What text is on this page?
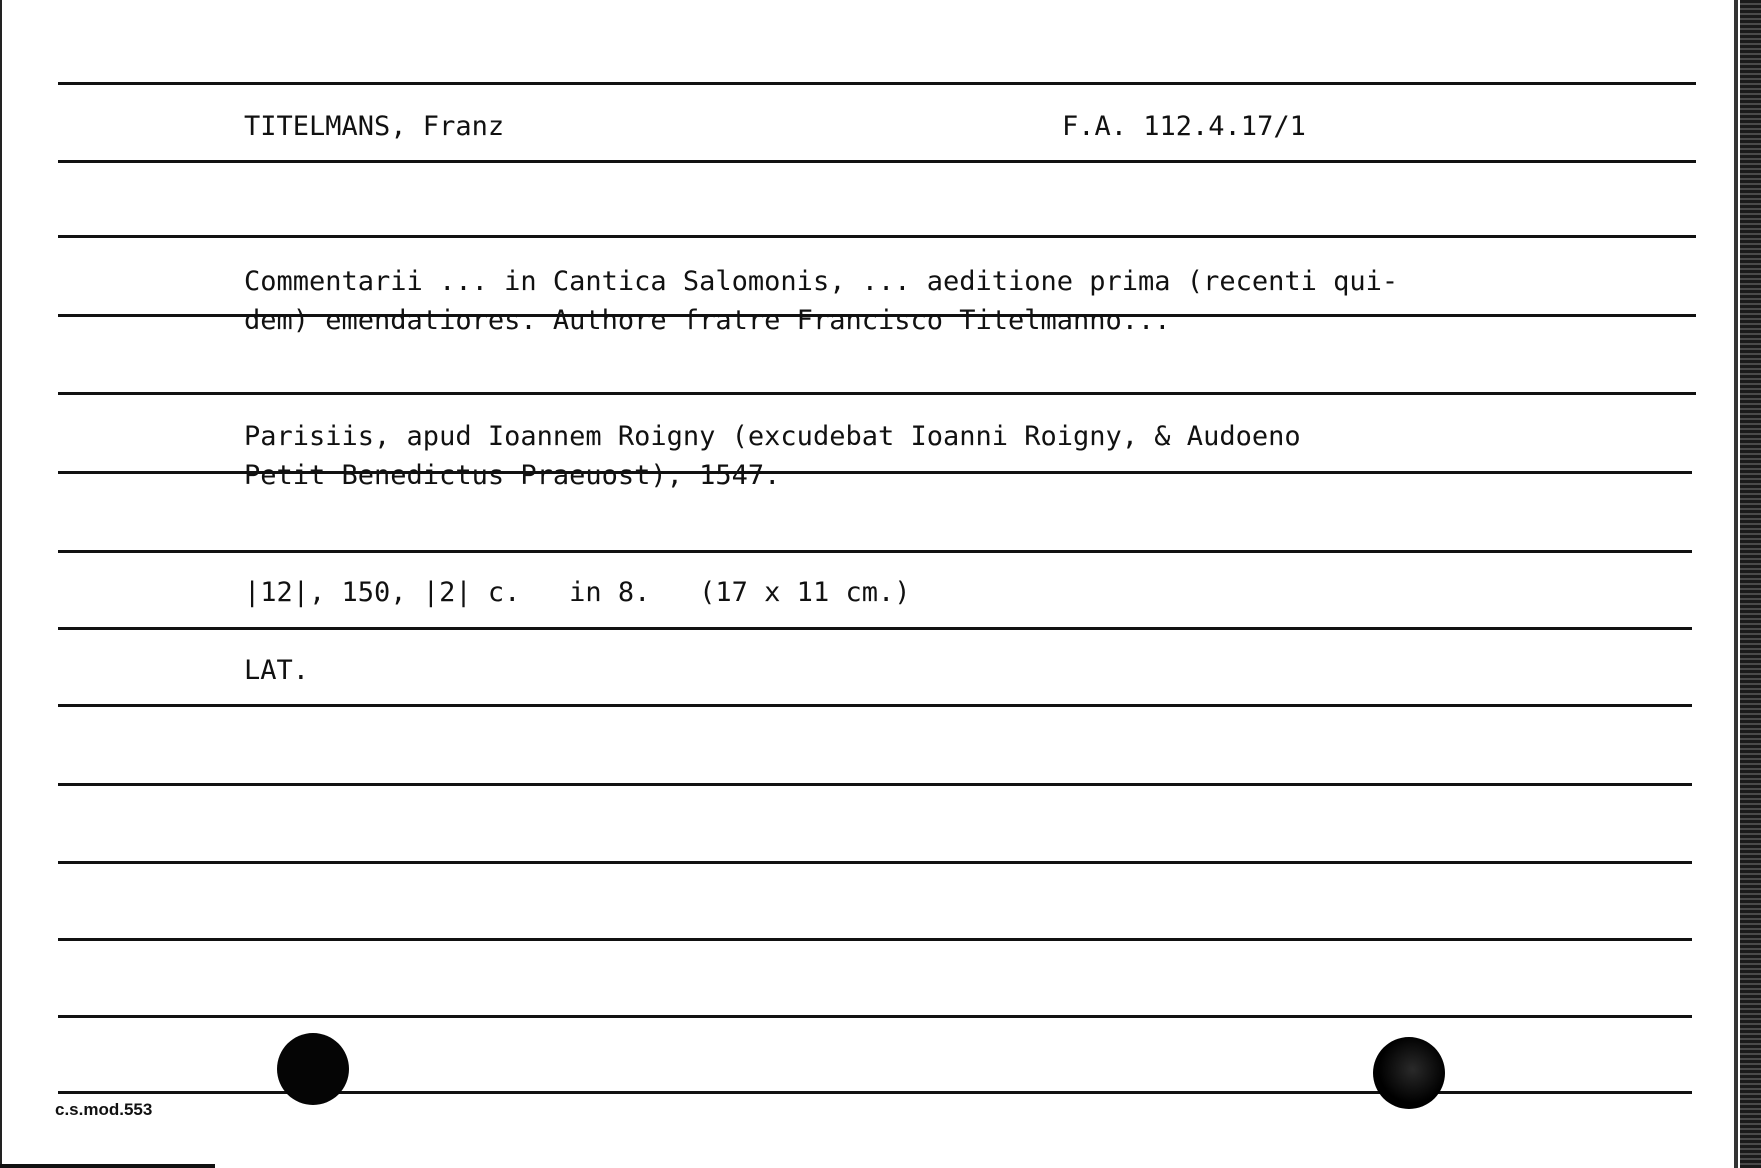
TITELMANS, Franz	F.A. 112.4.17/1
Commentarii ... in Cantica Salomonis, ... aeditione prima (recenti qui-
dem) emendatiores. Authore fratre Francisco Titelmanno...
Parisiis, apud Ioannem Roigny (excudebat Ioanni Roigny, & Audoeno
Petit Benedictus Praeuost), 1547.
|12|, 150, |2| c.   in 8.   (17 x 11 cm.)
LAT.
c.s.mod.553
